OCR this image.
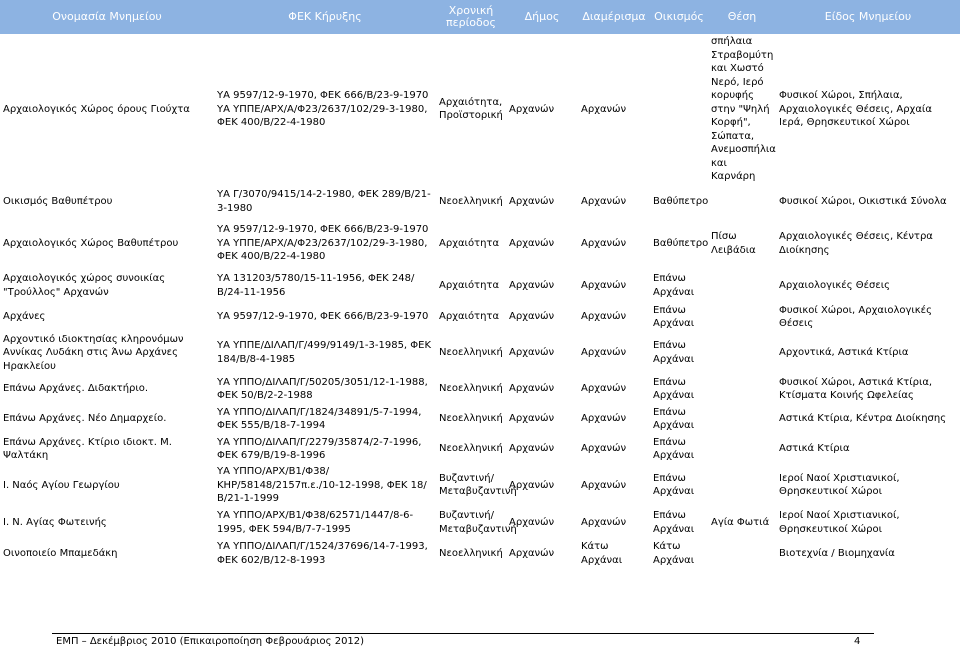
Ονομασία Μνημείου	ΦΕΚ Κήρυξης	Χρονική περίοδος	Δήμος	Διαμέρισμα	Οικισμός	Θέση	Είδος Μνημείου
Αρχαιολογικός Χώρος όρους Γιούχτα	ΥΑ 9597/12-9-1970, ΦΕΚ 666/Β/23-9-1970 ΥΑ ΥΠΠΕ/ΑΡΧ/Α/Φ23/2637/102/29-3-1980, ΦΕΚ 400/Β/22-4-1980	Αρχαιότητα, Προϊστορική	Αρχανών	Αρχανών		σπήλαια Στραβομύτη και Χωστό Νερό, Ιερό κορυφής στην "Ψηλή Κορφή", Σώπατα, Ανεμοσπήλια και Καρνάρη	Φυσικοί Χώροι, Σπήλαια, Αρχαιολογικές Θέσεις, Αρχαία Ιερά, Θρησκευτικοί Χώροι
Οικισμός Βαθυπέτρου	ΥΑ Γ/3070/9415/14-2-1980, ΦΕΚ 289/Β/21-3-1980	Νεοελληνική	Αρχανών	Αρχανών	Βαθύπετρο		Φυσικοί Χώροι, Οικιστικά Σύνολα
Αρχαιολογικός Χώρος Βαθυπέτρου	ΥΑ 9597/12-9-1970, ΦΕΚ 666/Β/23-9-1970 ΥΑ ΥΠΠΕ/ΑΡΧ/Α/Φ23/2637/102/29-3-1980, ΦΕΚ 400/Β/22-4-1980	Αρχαιότητα	Αρχανών	Αρχανών	Βαθύπετρο	Πίσω Λειβάδια	Αρχαιολογικές Θέσεις, Κέντρα Διοίκησης
Αρχαιολογικός χώρος συνοικίας "Τρούλλος" Αρχανών	ΥΑ 131203/5780/15-11-1956, ΦΕΚ 248/Β/24-11-1956	Αρχαιότητα	Αρχανών	Αρχανών	Επάνω Αρχάναι		Αρχαιολογικές Θέσεις
Αρχάνες	ΥΑ 9597/12-9-1970, ΦΕΚ 666/Β/23-9-1970	Αρχαιότητα	Αρχανών	Αρχανών	Επάνω Αρχάναι		Φυσικοί Χώροι, Αρχαιολογικές Θέσεις
Αρχοντικό ιδιοκτησίας κληρονόμων Αννίκας Λυδάκη στις Άνω Αρχάνες Ηρακλείου	ΥΑ ΥΠΠΕ/ΔΙΛΑΠ/Γ/499/9149/1-3-1985, ΦΕΚ 184/Β/8-4-1985	Νεοελληνική	Αρχανών	Αρχανών	Επάνω Αρχάναι		Αρχοντικά, Αστικά Κτίρια
Επάνω Αρχάνες. Διδακτήριο.	ΥΑ ΥΠΠΟ/ΔΙΛΑΠ/Γ/50205/3051/12-1-1988, ΦΕΚ 50/Β/2-2-1988	Νεοελληνική	Αρχανών	Αρχανών	Επάνω Αρχάναι		Φυσικοί Χώροι, Αστικά Κτίρια, Κτίσματα Κοινής Ωφελείας
Επάνω Αρχάνες. Νέο Δημαρχείο.	ΥΑ ΥΠΠΟ/ΔΙΛΑΠ/Γ/1824/34891/5-7-1994, ΦΕΚ 555/Β/18-7-1994	Νεοελληνική	Αρχανών	Αρχανών	Επάνω Αρχάναι		Αστικά Κτίρια, Κέντρα Διοίκησης
Επάνω Αρχάνες. Κτίριο ιδιοκτ. Μ. Ψαλτάκη	ΥΑ ΥΠΠΟ/ΔΙΛΑΠ/Γ/2279/35874/2-7-1996, ΦΕΚ 679/Β/19-8-1996	Νεοελληνική	Αρχανών	Αρχανών	Επάνω Αρχάναι		Αστικά Κτίρια
Ι. Ναός Αγίου Γεωργίου	ΥΑ ΥΠΠΟ/ΑΡΧ/Β1/Φ38/ΚΗΡ/58148/2157π.ε./10-12-1998, ΦΕΚ 18/Β/21-1-1999	Βυζαντινή/Μεταβυζαντινή	Αρχανών	Αρχανών	Επάνω Αρχάναι		Ιεροί Ναοί Χριστιανικοί, Θρησκευτικοί Χώροι
Ι. Ν. Αγίας Φωτεινής	ΥΑ ΥΠΠΟ/ΑΡΧ/Β1/Φ38/62571/1447/8-6-1995, ΦΕΚ 594/Β/7-7-1995	Βυζαντινή/Μεταβυζαντινή	Αρχανών	Αρχανών	Επάνω Αρχάναι	Αγία Φωτιά	Ιεροί Ναοί Χριστιανικοί, Θρησκευτικοί Χώροι
Οινοποιείο Μπαμεδάκη	ΥΑ ΥΠΠΟ/ΔΙΛΑΠ/Γ/1524/37696/14-7-1993, ΦΕΚ 602/Β/12-8-1993	Νεοελληνική	Αρχανών	Κάτω Αρχάναι	Κάτω Αρχάναι		Βιοτεχνία / Βιομηχανία
ΕΜΠ – Δεκέμβριος 2010 (Επικαιροποίηση Φεβρουάριος 2012)	4
